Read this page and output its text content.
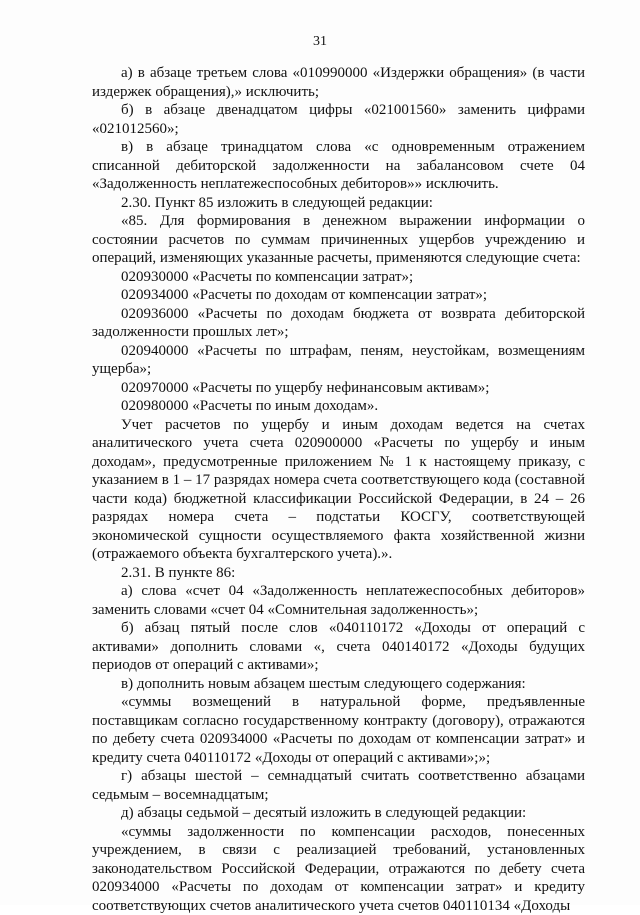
31

а) в абзаце третьем слова «010990000 «Издержки обращения» (в части издержек обращения),» исключить;

б) в абзаце двенадцатом цифры «021001560» заменить цифрами «021012560»;

в) в абзаце тринадцатом слова «с одновременным отражением списанной дебиторской задолженности на забалансовом счете 04 «Задолженность неплатежеспособных дебиторов»» исключить.

2.30. Пункт 85 изложить в следующей редакции:

«85. Для формирования в денежном выражении информации о состоянии расчетов по суммам причиненных ущербов учреждению и операций, изменяющих указанные расчеты, применяются следующие счета:

020930000 «Расчеты по компенсации затрат»;

020934000 «Расчеты по доходам от компенсации затрат»;

020936000 «Расчеты по доходам бюджета от возврата дебиторской задолженности прошлых лет»;

020940000 «Расчеты по штрафам, пеням, неустойкам, возмещениям ущерба»;

020970000 «Расчеты по ущербу нефинансовым активам»;

020980000 «Расчеты по иным доходам».

Учет расчетов по ущербу и иным доходам ведется на счетах аналитического учета счета 020900000 «Расчеты по ущербу и иным доходам», предусмотренные приложением № 1 к настоящему приказу, с указанием в 1 – 17 разрядах номера счета соответствующего кода (составной части кода) бюджетной классификации Российской Федерации, в 24 – 26 разрядах номера счета – подстатьи КОСГУ, соответствующей экономической сущности осуществляемого факта хозяйственной жизни (отражаемого объекта бухгалтерского учета).».

2.31. В пункте 86:

а) слова «счет 04 «Задолженность неплатежеспособных дебиторов» заменить словами «счет 04 «Сомнительная задолженность»;

б) абзац пятый после слов «040110172 «Доходы от операций с активами» дополнить словами «, счета 040140172 «Доходы будущих периодов от операций с активами»;

в) дополнить новым абзацем шестым следующего содержания:

«суммы возмещений в натуральной форме, предъявленные поставщикам согласно государственному контракту (договору), отражаются по дебету счета 020934000 «Расчеты по доходам от компенсации затрат» и кредиту счета 040110172 «Доходы от операций с активами»;»;

г) абзацы шестой – семнадцатый считать соответственно абзацами седьмым – восемнадцатым;

д) абзацы седьмой – десятый изложить в следующей редакции:

«суммы задолженности по компенсации расходов, понесенных учреждением, в связи с реализацией требований, установленных законодательством Российской Федерации, отражаются по дебету счета 020934000 «Расчеты по доходам от компенсации затрат» и кредиту соответствующих счетов аналитического учета счетов 040110134 «Доходы
